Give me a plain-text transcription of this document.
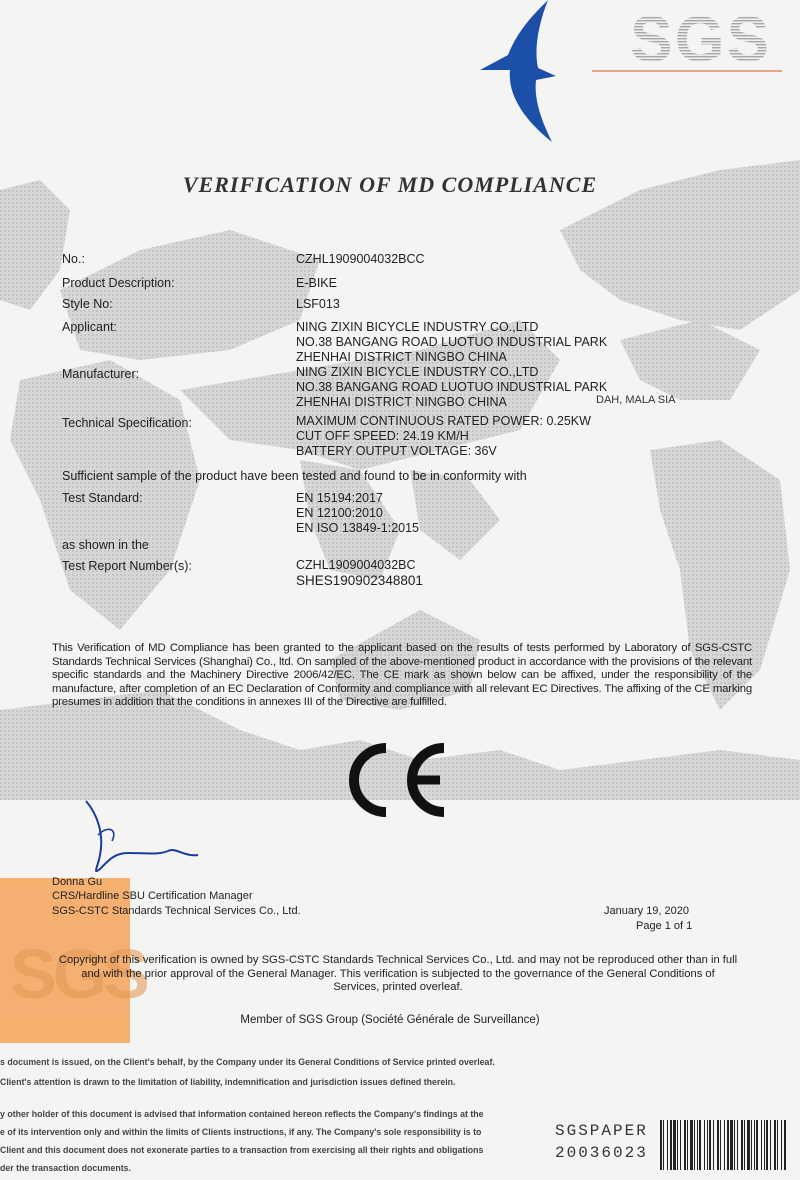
SGS
VERIFICATION OF MD COMPLIANCE
No.:	CZHL1909004032BCC
Product Description:	E-BIKE
Style No:	LSF013
Applicant:	NING ZIXIN BICYCLE INDUSTRY CO.,LTD
NO.38 BANGANG ROAD LUOTUO INDUSTRIAL PARK
ZHENHAI DISTRICT NINGBO CHINA
Manufacturer:	NING ZIXIN BICYCLE INDUSTRY CO.,LTD
NO.38 BANGANG ROAD LUOTUO INDUSTRIAL PARK
ZHENHAI DISTRICT NINGBO CHINA	DAH, MALA SIA
Technical Specification:	MAXIMUM CONTINUOUS RATED POWER: 0.25KW
CUT OFF SPEED: 24.19 KM/H
BATTERY OUTPUT VOLTAGE: 36V
Sufficient sample of the product have been tested and found to be in conformity with
Test Standard:	EN 15194:2017
EN 12100:2010
EN ISO 13849-1:2015
as shown in the
Test Report Number(s):	CZHL1909004032BC
SHES190902348801
This Verification of MD Compliance has been granted to the applicant based on the results of tests performed by Laboratory of SGS-CSTC Standards Technical Services (Shanghai) Co., ltd. On sampled of the above-mentioned product in accordance with the provisions of the relevant specific standards and the Machinery Directive 2006/42/EC. The CE mark as shown below can be affixed, under the responsibility of the manufacture, after completion of an EC Declaration of Conformity and compliance with all relevant EC Directives. The affixing of the CE marking presumes in addition that the conditions in annexes III of the Directive are fulfilled.
SGS
Donna Gu
CRS/Hardline SBU Certification Manager
SGS-CSTC Standards Technical Services Co., Ltd.	January 19, 2020
Page 1 of 1
Copyright of this verification is owned by SGS-CSTC Standards Technical Services Co., Ltd. and may not be reproduced other than in full and with the prior approval of the General Manager. This verification is subjected to the governance of the General Conditions of Services, printed overleaf.
Member of SGS Group (Société Générale de Surveillance)
s document is issued, on the Client's behalf, by the Company under its General Conditions of Service printed overleaf.
Client's attention is drawn to the limitation of liability, indemnification and jurisdiction issues defined therein.
y other holder of this document is advised that information contained hereon reflects the Company's findings at the
e of its intervention only and within the limits of Clients instructions, if any. The Company's sole responsibility is to
Client and this document does not exonerate parties to a transaction from exercising all their rights and obligations
der the transaction documents.
SGSPAPER
20036023
